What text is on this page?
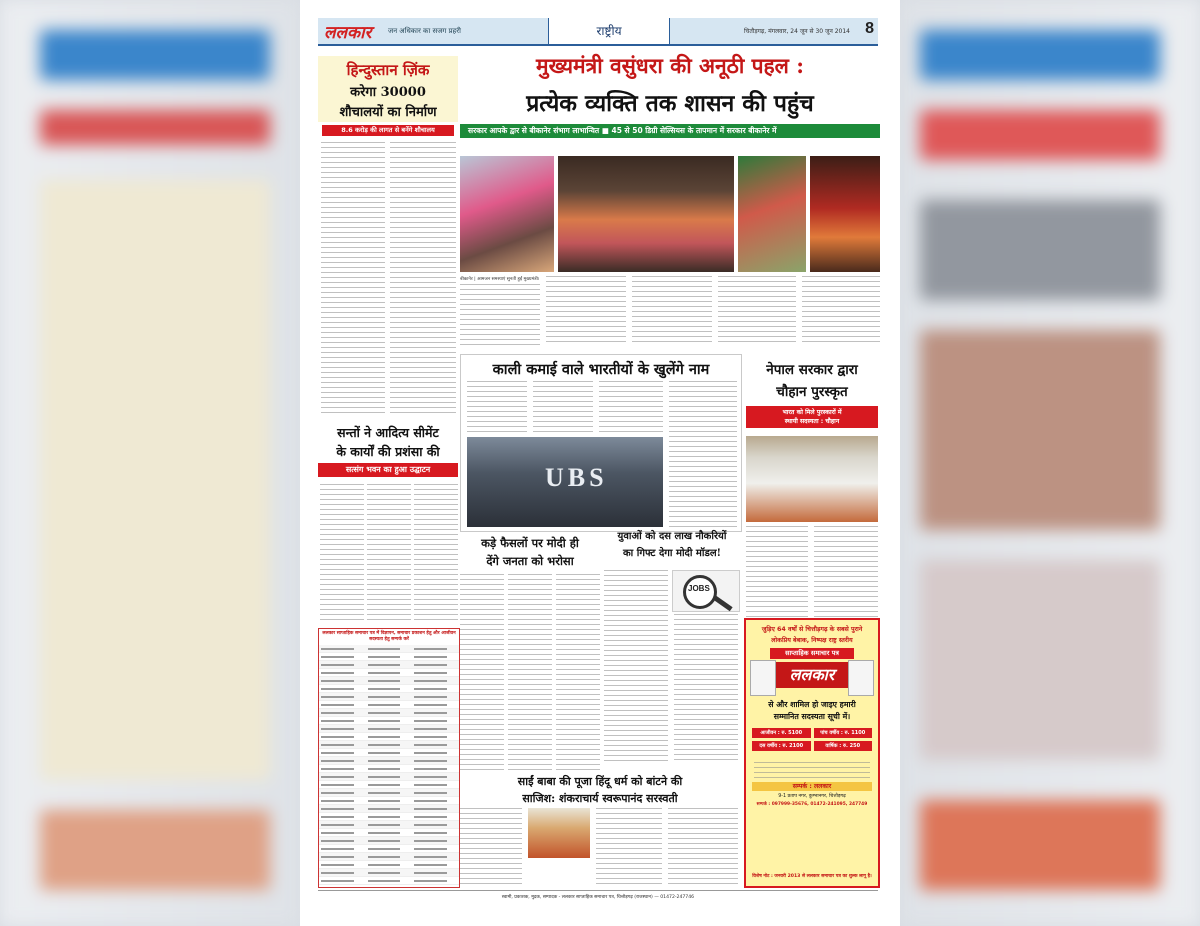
ललकार जन अधिकार का सजग प्रहरी	राष्ट्रीय	चितौड़गढ़, मंगलवार, 24 जून से 30 जून 2014 8
हिन्दुस्तान ज़िंक
करेगा 30000
शौचालयों का निर्माण
8.6 करोड़ की लागत से बनेंगे शौचालय
सन्तों ने आदित्य सीमेंट
के कार्यों की प्रशंसा की
सत्संग भवन का हुआ उद्घाटन
ललकार साप्ताहिक समाचार पत्र में विज्ञापन, समाचार प्रकाशन हेतु और आजीवन सदस्यता हेतु सम्पर्क करें
मुख्यमंत्री वसुंधरा की अनूठी पहल :
प्रत्येक व्यक्ति तक शासन की पहुंच
सरकार आपके द्वार से बीकानेर संभाग लाभान्वित ■ 45 से 50 डिग्री सेल्सियस के तापमान में सरकार बीकानेर में
बीकानेर | आमजन समस्याएं सुनती हुईं मुख्यमंत्री।
काली कमाई वाले भारतीयों के खुलेंगे नाम
UBS
नेपाल सरकार द्वारा
चौहान पुरस्कृत
भारत को मिले पुरस्कारों में
स्थायी सदस्यता : चौहान
कड़े फैसलों पर मोदी ही
देंगे जनता को भरोसा
युवाओं को दस लाख नौकरियों
का गिफ्ट देगा मोदी मॉडल!
JOBS
साईं बाबा की पूजा हिंदू धर्म को बांटने की
साजिश: शंकराचार्य स्वरूपानंद सरस्वती
जुड़िए 64 वर्षों से चित्तौड़गढ़ के सबसे पुराने
लोकप्रिय बेबाक, निष्पक्ष राष्ट्र स्तरीय
साप्ताहिक समाचार पत्र
ललकार
से और शामिल हो जाइए हमारी
सम्मानित सदस्यता सूची में।
आजीवन : रु. 5100	पांच वर्षीय : रु. 1100
दस वर्षीय : रु. 2100	वार्षिक : रु. 250
सम्पर्क : ललकार
9-1 प्रताप नगर, कुम्भानगर, चित्तौड़गढ़
सम्पर्क : 097999-35676, 01472-241095, 247749
विशेष नोट : जनवरी 2013 से ललकार समाचार पत्र का शुल्क लागू है।
स्वामी, प्रकाशक, मुद्रक, सम्पादक - ललकार साप्ताहिक समाचार पत्र, चित्तौड़गढ़ (राजस्थान) — 01472-247746
